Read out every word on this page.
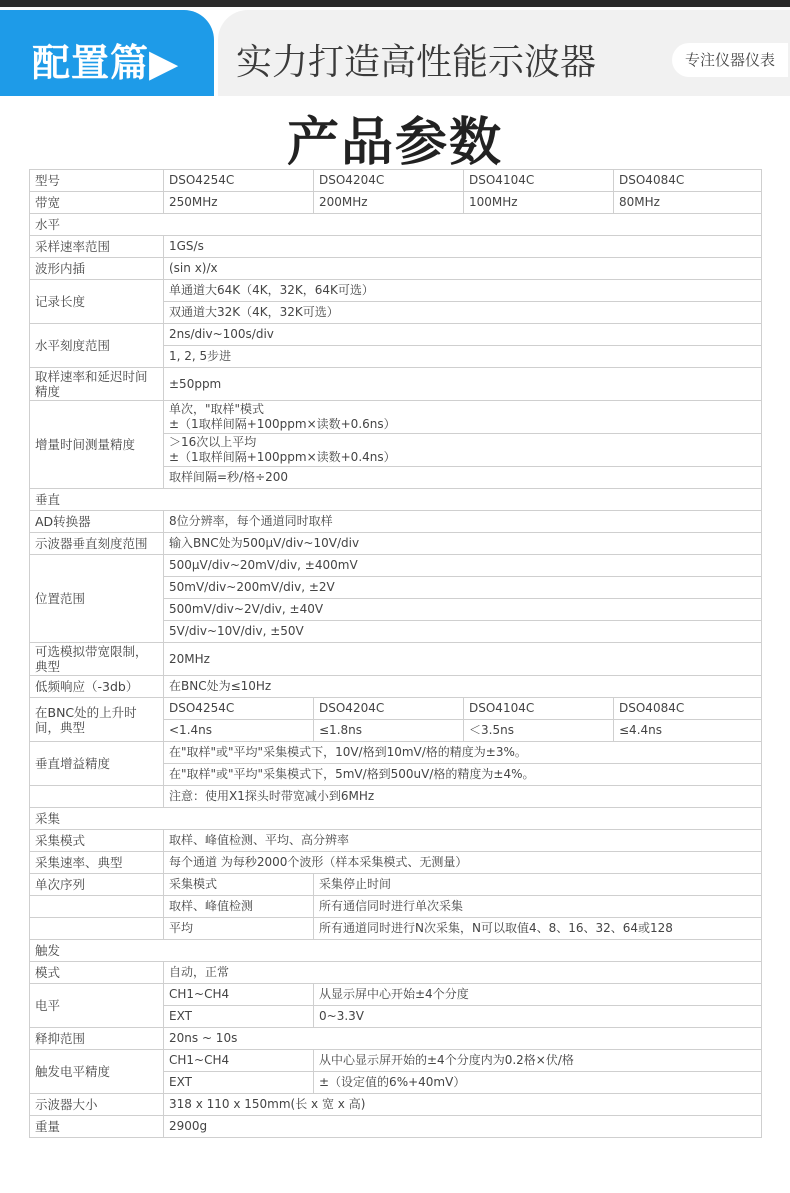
配置篇▶ 实力打造高性能示波器	专注仪器仪表
产品参数
型号	DSO4254C	DSO4204C	DSO4104C	DSO4084C
带宽	250MHz	200MHz	100MHz	80MHz
水平				
采样速率范围	1GS/s			
波形内插	(sin x)/x			
记录长度	单通道大64K（4K，32K，64K可选）			
	双通道大32K（4K，32K可选）			
水平刻度范围	2ns/div~100s/div			
	1, 2, 5步进			
取样速率和延迟时间精度	±50ppm			
增量时间测量精度	单次，"取样"模式
±（1取样间隔+100ppm×读数+0.6ns）			

	＞16次以上平均
±（1取样间隔+100ppm×读数+0.4ns）			

	取样间隔=秒/格÷200			
垂直				
AD转换器	8位分辨率，每个通道同时取样			
示波器垂直刻度范围	输入BNC处为500μV/div~10V/div			
位置范围	500μV/div~20mV/div, ±400mV			
	50mV/div~200mV/div, ±2V			
	500mV/div~2V/div, ±40V			
	5V/div~10V/div, ±50V			
可选模拟带宽限制，典型	20MHz			
低频响应（-3db）	在BNC处为≤10Hz			
在BNC处的上升时间，典型	DSO4254C	DSO4204C	DSO4104C	DSO4084C
	<1.4ns	≤1.8ns	＜3.5ns	≤4.4ns
垂直增益精度	在"取样"或"平均"采集模式下，10V/格到10mV/格的精度为±3%。			
	在"取样"或"平均"采集模式下，5mV/格到500uV/格的精度为±4%。			
	注意：使用X1探头时带宽减小到6MHz			
采集				
采集模式	取样、峰值检测、平均、高分辨率			
采集速率、典型	每个通道 为每秒2000个波形（样本采集模式、无测量）			
单次序列	采集模式	采集停止时间		
	取样、峰值检测	所有通信同时进行单次采集		
	平均	所有通道同时进行N次采集，N可以取值4、8、16、32、64或128		
触发				
模式	自动，正常			
电平	CH1~CH4	从显示屏中心开始±4个分度		
	EXT	0~3.3V		
释抑范围	20ns ~ 10s			
触发电平精度	CH1~CH4	从中心显示屏开始的±4个分度内为0.2格×伏/格		
	EXT	±（设定值的6%+40mV）		
示波器大小	318 x 110 x 150mm(长 x 宽 x 高)			
重量	2900g			
